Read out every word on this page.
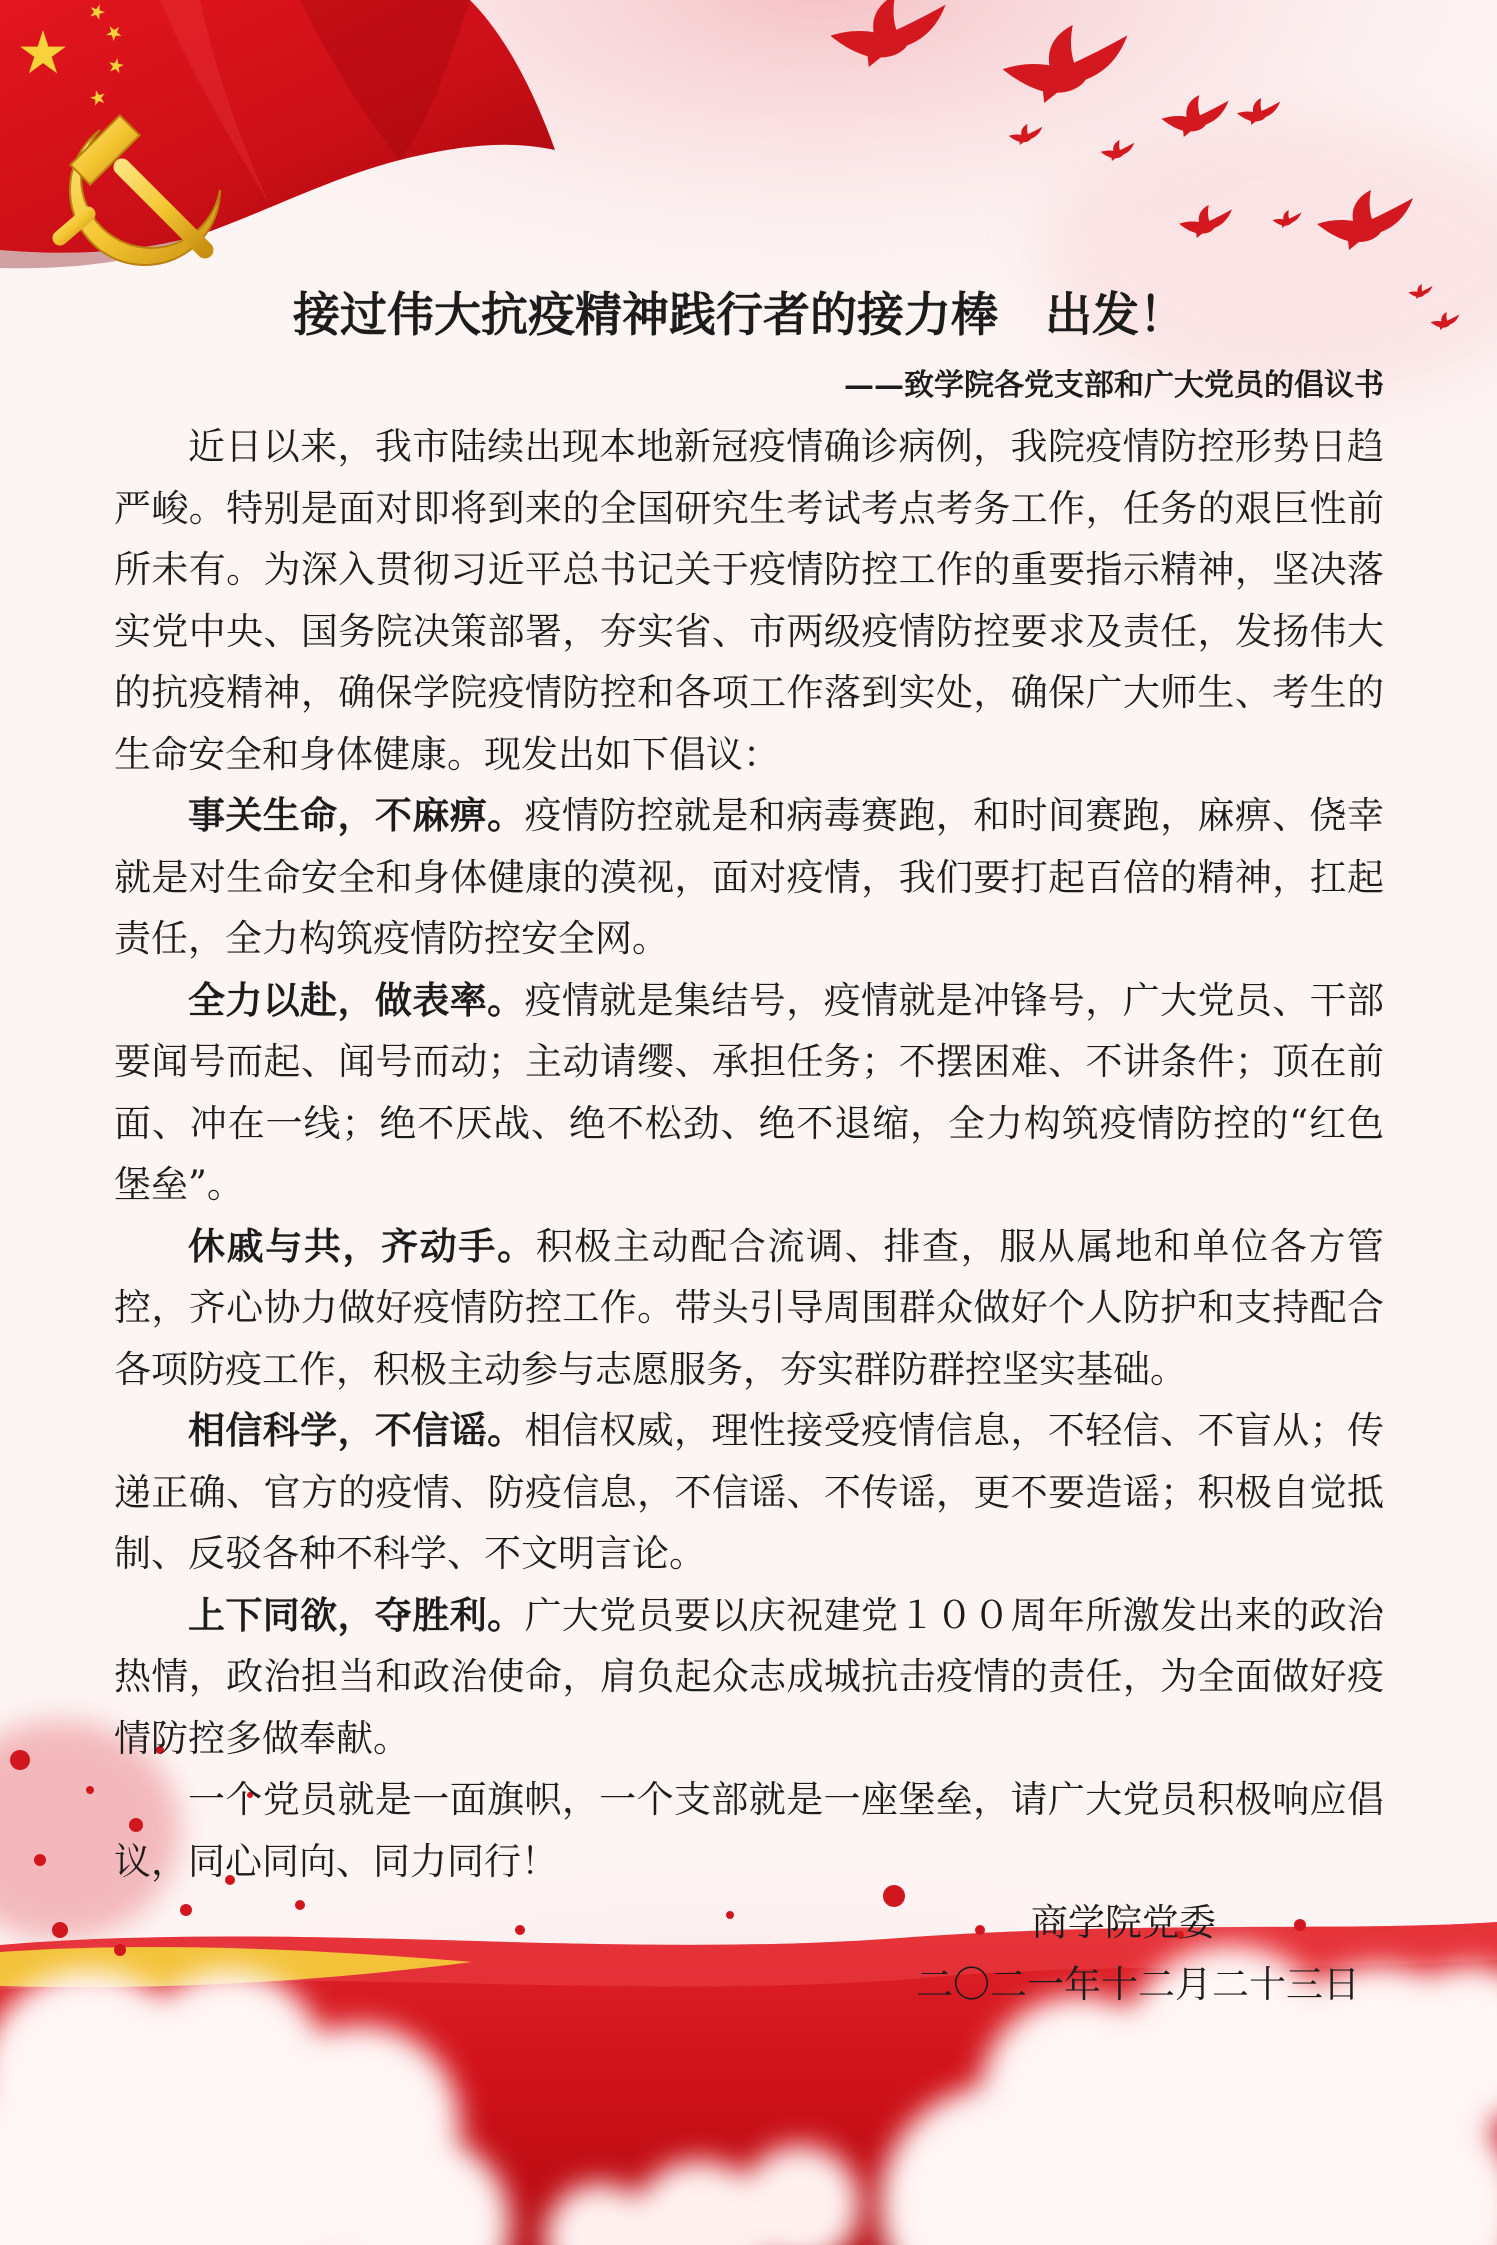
接过伟大抗疫精神践行者的接力棒　出发！

——致学院各党支部和广大党员的倡议书

近日以来，我市陆续出现本地新冠疫情确诊病例，我院疫情防控形势日趋严峻。特别是面对即将到来的全国研究生考试考点考务工作，任务的艰巨性前所未有。为深入贯彻习近平总书记关于疫情防控工作的重要指示精神，坚决落实党中央、国务院决策部署，夯实省、市两级疫情防控要求及责任，发扬伟大的抗疫精神，确保学院疫情防控和各项工作落到实处，确保广大师生、考生的生命安全和身体健康。现发出如下倡议：

事关生命，不麻痹。疫情防控就是和病毒赛跑，和时间赛跑，麻痹、侥幸就是对生命安全和身体健康的漠视，面对疫情，我们要打起百倍的精神，扛起责任，全力构筑疫情防控安全网。

全力以赴，做表率。疫情就是集结号，疫情就是冲锋号，广大党员、干部要闻号而起、闻号而动；主动请缨、承担任务；不摆困难、不讲条件；顶在前面、冲在一线；绝不厌战、绝不松劲、绝不退缩，全力构筑疫情防控的“红色堡垒”。

休戚与共，齐动手。积极主动配合流调、排查，服从属地和单位各方管控，齐心协力做好疫情防控工作。带头引导周围群众做好个人防护和支持配合各项防疫工作，积极主动参与志愿服务，夯实群防群控坚实基础。

相信科学，不信谣。相信权威，理性接受疫情信息，不轻信、不盲从；传递正确、官方的疫情、防疫信息，不信谣、不传谣，更不要造谣；积极自觉抵制、反驳各种不科学、不文明言论。

上下同欲，夺胜利。广大党员要以庆祝建党１００周年所激发出来的政治热情，政治担当和政治使命，肩负起众志成城抗击疫情的责任，为全面做好疫情防控多做奉献。

一个党员就是一面旗帜，一个支部就是一座堡垒，请广大党员积极响应倡议，同心同向、同力同行！

商学院党委
二〇二一年十二月二十三日
